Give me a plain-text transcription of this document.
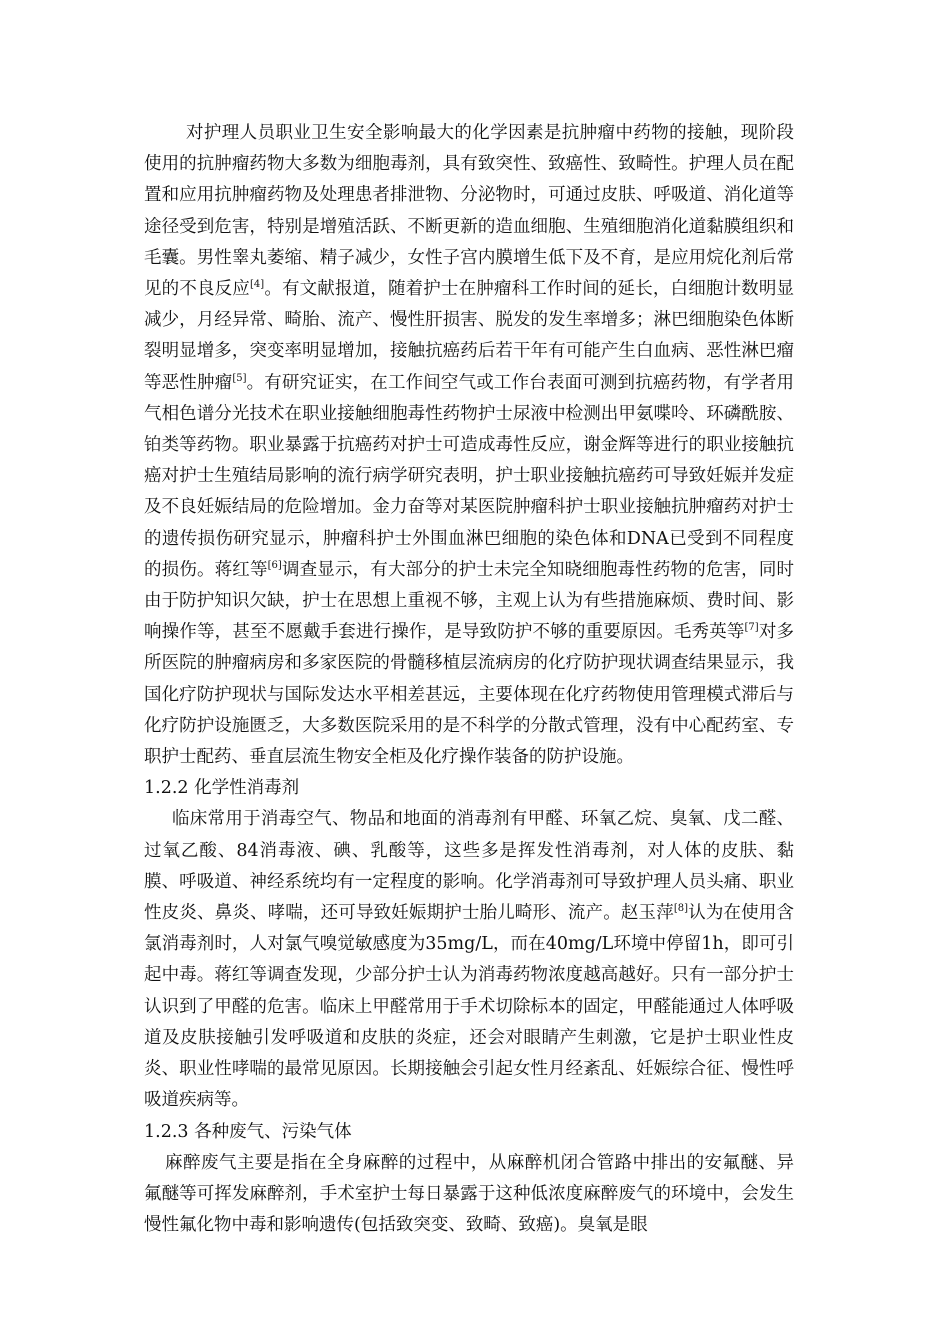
对护理人员职业卫生安全影响最大的化学因素是抗肿瘤中药物的接触，现阶段使用的抗肿瘤药物大多数为细胞毒剂，具有致突性、致癌性、致畸性。护理人员在配置和应用抗肿瘤药物及处理患者排泄物、分泌物时，可通过皮肤、呼吸道、消化道等途径受到危害，特别是增殖活跃、不断更新的造血细胞、生殖细胞消化道黏膜组织和毛囊。男性睾丸萎缩、精子减少，女性子宫内膜增生低下及不育，是应用烷化剂后常见的不良反应[4]。有文献报道，随着护士在肿瘤科工作时间的延长，白细胞计数明显减少，月经异常、畸胎、流产、慢性肝损害、脱发的发生率增多；淋巴细胞染色体断裂明显增多，突变率明显增加，接触抗癌药后若干年有可能产生白血病、恶性淋巴瘤等恶性肿瘤[5]。有研究证实，在工作间空气或工作台表面可测到抗癌药物，有学者用气相色谱分光技术在职业接触细胞毒性药物护士尿液中检测出甲氨喋呤、环磷酰胺、铂类等药物。职业暴露于抗癌药对护士可造成毒性反应，谢金辉等进行的职业接触抗癌对护士生殖结局影响的流行病学研究表明，护士职业接触抗癌药可导致妊娠并发症及不良妊娠结局的危险增加。金力奋等对某医院肿瘤科护士职业接触抗肿瘤药对护士的遗传损伤研究显示，肿瘤科护士外围血淋巴细胞的染色体和DNA已受到不同程度的损伤。蒋红等[6]调查显示，有大部分的护士未完全知晓细胞毒性药物的危害，同时由于防护知识欠缺，护士在思想上重视不够，主观上认为有些措施麻烦、费时间、影响操作等，甚至不愿戴手套进行操作，是导致防护不够的重要原因。毛秀英等[7]对多所医院的肿瘤病房和多家医院的骨髓移植层流病房的化疗防护现状调查结果显示，我国化疗防护现状与国际发达水平相差甚远，主要体现在化疗药物使用管理模式滞后与化疗防护设施匮乏，大多数医院采用的是不科学的分散式管理，没有中心配药室、专职护士配药、垂直层流生物安全柜及化疗操作装备的防护设施。

1.2.2 化学性消毒剂

临床常用于消毒空气、物品和地面的消毒剂有甲醛、环氧乙烷、臭氧、戊二醛、过氧乙酸、84消毒液、碘、乳酸等，这些多是挥发性消毒剂，对人体的皮肤、黏膜、呼吸道、神经系统均有一定程度的影响。化学消毒剂可导致护理人员头痛、职业性皮炎、鼻炎、哮喘，还可导致妊娠期护士胎儿畸形、流产。赵玉萍[8]认为在使用含氯消毒剂时，人对氯气嗅觉敏感度为35mg/L，而在40mg/L环境中停留1h，即可引起中毒。蒋红等调查发现，少部分护士认为消毒药物浓度越高越好。只有一部分护士认识到了甲醛的危害。临床上甲醛常用于手术切除标本的固定，甲醛能通过人体呼吸道及皮肤接触引发呼吸道和皮肤的炎症，还会对眼睛产生刺激，它是护士职业性皮炎、职业性哮喘的最常见原因。长期接触会引起女性月经紊乱、妊娠综合征、慢性呼吸道疾病等。

1.2.3 各种废气、污染气体

麻醉废气主要是指在全身麻醉的过程中，从麻醉机闭合管路中排出的安氟醚、异氟醚等可挥发麻醉剂，手术室护士每日暴露于这种低浓度麻醉废气的环境中，会发生慢性氟化物中毒和影响遗传(包括致突变、致畸、致癌)。臭氧是眼
